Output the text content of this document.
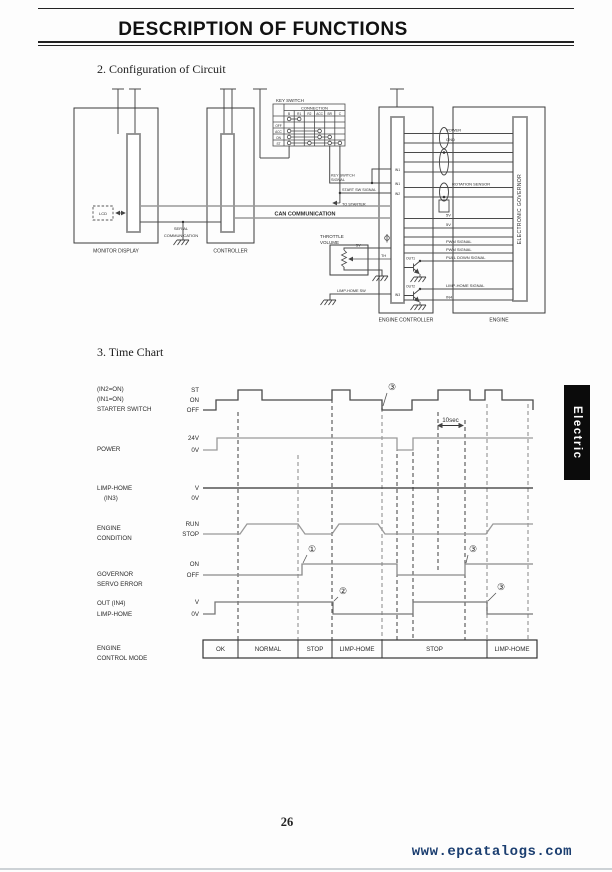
DESCRIPTION OF FUNCTIONS
2. Configuration of Circuit
3. Time Chart
LCD
SERIAL
COMMUNICATION
CAN COMMUNICATION
KEY SWITCH
CONNECTION
B R1 R2 ACC BR C
OFF
ACC
ON
ST
KEY SWITCH
SIGNAL
START SW SIGNAL
TO STARTER
THROTTLE
VOLUME
5V
TH
LIMP-HOME SW
IN1
IN1
IN2
IN3
OUT1
OUT2
POWER
GND
ROTATION SENSOR
5V
5V
PWM SIGNAL
PWM SIGNAL
PULL DOWN SIGNAL
LIMP-HOME SIGNAL
IN4
ELECTRONIC GOVERNOR
MONITOR DISPLAY	CONTROLLER
ENGINE CONTROLLER	ENGINE
(IN2=ON)
(IN1=ON)
STARTER SWITCH
ST
ON
OFF
POWER
24V
0V
LIMP-HOME
(IN3)
V
0V
ENGINE
CONDITION
RUN
STOP
GOVERNOR
SERVO ERROR
ON
OFF
OUT (IN4)
LIMP-HOME
V
0V
ENGINE
CONTROL MODE
OK	NORMAL	STOP	LIMP-HOME	STOP	LIMP-HOME
10sec
③
①	③
②	③
Electric
26
www.epcatalogs.com
